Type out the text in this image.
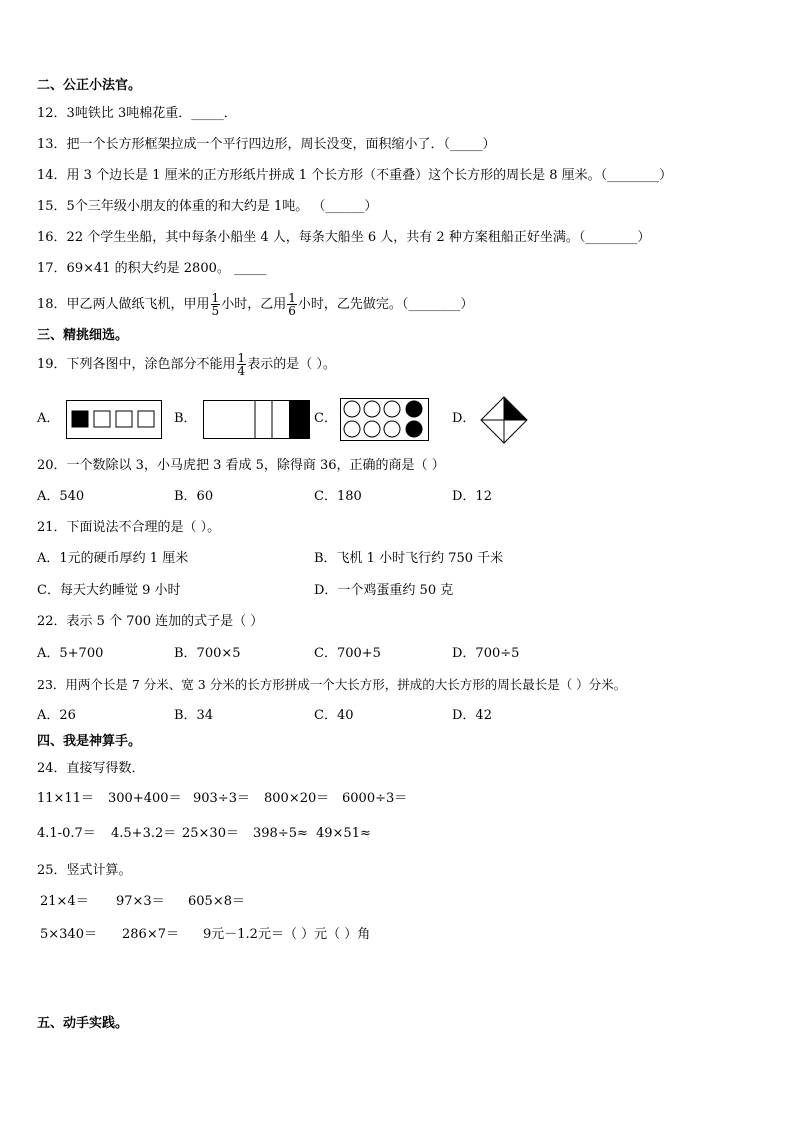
二、公正小法官。
12．3吨铁比 3吨棉花重．_____．
13．把一个长方形框架拉成一个平行四边形，周长没变，面积缩小了．（_____）
14．用 3 个边长是 1 厘米的正方形纸片拼成 1 个长方形（不重叠）这个长方形的周长是 8 厘米。（________）
15．5个三年级小朋友的体重的和大约是 1吨。 （______）
16．22 个学生坐船，其中每条小船坐 4 人，每条大船坐 6 人，共有 2 种方案租船正好坐满。（________）
17．69×41 的积大约是 2800。 _____
18．甲乙两人做纸飞机，甲用 $\frac{1}{5}$ 小时，乙用 $\frac{1}{6}$ 小时，乙先做完。（________）
三、精挑细选。
19．下列各图中，涂色部分不能用 $\frac{1}{4}$ 表示的是（ ）。
A．	B．	C．	D．
20．一个数除以 3，小马虎把 3 看成 5，除得商 36，正确的商是（ ）
A．540	B．60	C．180	D．12
21．下面说法不合理的是（ ）。
A．1元的硬币厚约 1 厘米	B．飞机 1 小时飞行约 750 千米
C．每天大约睡觉 9 小时	D．一个鸡蛋重约 50 克
22．表示 5 个 700 连加的式子是（ ）
A．5+700	B．700×5	C．700+5	D．700÷5
23．用两个长是 7 分米、宽 3 分米的长方形拼成一个大长方形，拼成的大长方形的周长最长是（ ）分米。
A．26	B．34	C．40	D．42
四、我是神算手。
24．直接写得数．
11×11＝ 300+400＝ 903÷3＝ 800×20＝ 6000÷3＝
4.1-0.7＝ 4.5+3.2＝ 25×30＝ 398÷5≈ 49×51≈
25．竖式计算。
21×4＝ 97×3＝ 605×8＝
5×340＝ 286×7＝ 9元－1.2元＝（ ）元（ ）角
五、动手实践。
